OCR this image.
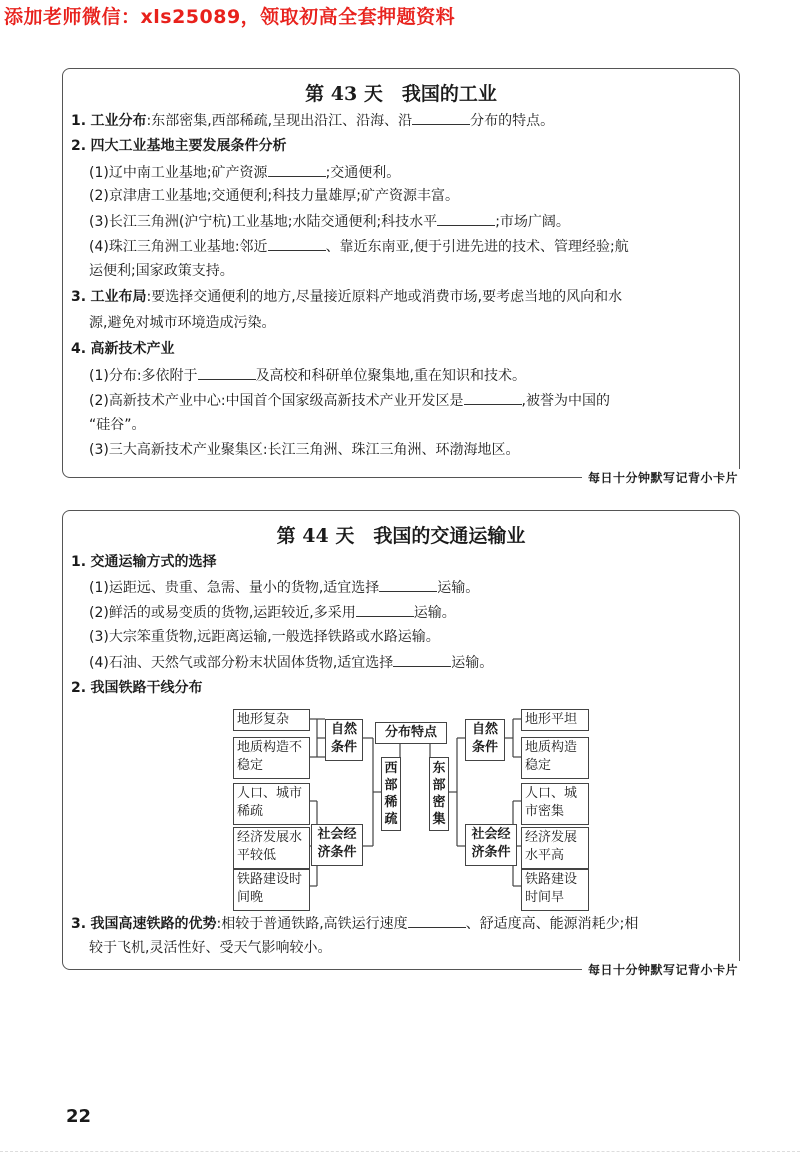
添加老师微信：xls25089，领取初高全套押题资料
第 43 天　我国的工业
1. 工业分布:东部密集,西部稀疏,呈现出沿江、沿海、沿	分布的特点。
2. 四大工业基地主要发展条件分析
(1)辽中南工业基地;矿产资源	;交通便利。
(2)京津唐工业基地;交通便利;科技力量雄厚;矿产资源丰富。
(3)长江三角洲(沪宁杭)工业基地;水陆交通便利;科技水平	;市场广阔。
(4)珠江三角洲工业基地:邻近	、靠近东南亚,便于引进先进的技术、管理经验;航
运便利;国家政策支持。
3. 工业布局:要选择交通便利的地方,尽量接近原料产地或消费市场,要考虑当地的风向和水
源,避免对城市环境造成污染。
4. 高新技术产业
(1)分布:多依附于	及高校和科研单位聚集地,重在知识和技术。
(2)高新技术产业中心:中国首个国家级高新技术产业开发区是	,被誉为中国的
“硅谷”。
(3)三大高新技术产业聚集区:长江三角洲、珠江三角洲、环渤海地区。
每日十分钟默写记背小卡片
第 44 天　我国的交通运输业
1. 交通运输方式的选择
(1)运距远、贵重、急需、量小的货物,适宜选择	运输。
(2)鲜活的或易变质的货物,运距较近,多采用	运输。
(3)大宗笨重货物,远距离运输,一般选择铁路或水路运输。
(4)石油、天然气或部分粉末状固体货物,适宜选择	运输。
2. 我国铁路干线分布
地形复杂
地质构造不稳定
人口、城市稀疏
经济发展水平较低
铁路建设时间晚
自然条件
社会经济条件
分布特点
西部稀疏
东部密集
自然条件
社会经济条件
地形平坦
地质构造稳定
人口、城市密集
经济发展水平高
铁路建设时间早
3. 我国高速铁路的优势:相较于普通铁路,高铁运行速度	、舒适度高、能源消耗少;相
较于飞机,灵活性好、受天气影响较小。
每日十分钟默写记背小卡片
22
